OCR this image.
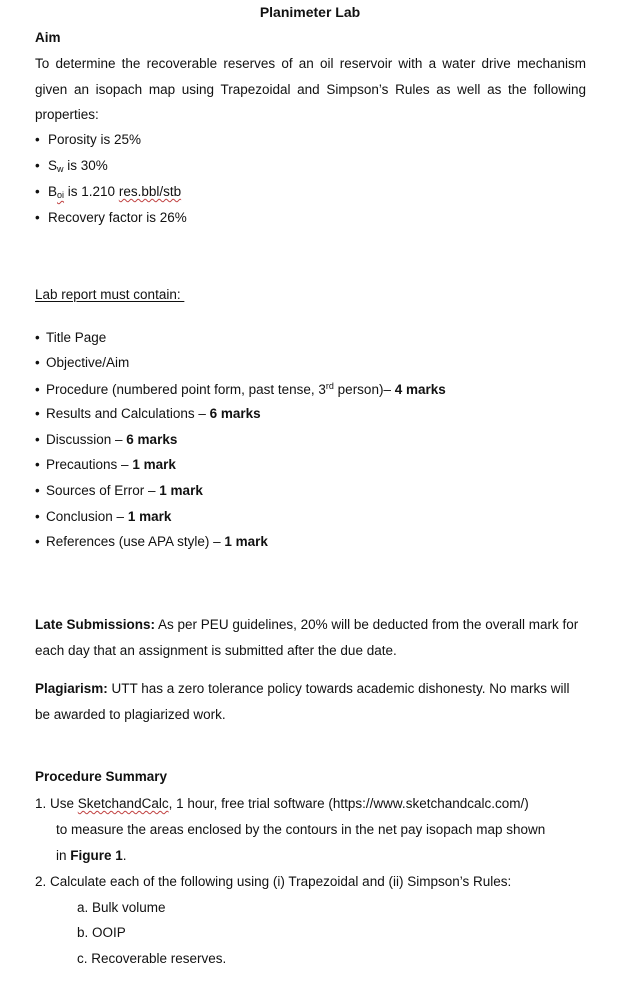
Planimeter Lab
Aim
To determine the recoverable reserves of an oil reservoir with a water drive mechanism given an isopach map using Trapezoidal and Simpson’s Rules as well as the following properties:
• Porosity is 25%
• $S_w$ is 30%
• $B_{oi}$ is 1.210 res.bbl/stb
• Recovery factor is 26%
Lab report must contain:
• Title Page
• Objective/Aim
• Procedure (numbered point form, past tense, 3rd person)– 4 marks
• Results and Calculations – 6 marks
• Discussion – 6 marks
• Precautions – 1 mark
• Sources of Error – 1 mark
• Conclusion – 1 mark
• References (use APA style) – 1 mark
Late Submissions: As per PEU guidelines, 20% will be deducted from the overall mark for each day that an assignment is submitted after the due date.
Plagiarism: UTT has a zero tolerance policy towards academic dishonesty. No marks will be awarded to plagiarized work.
Procedure Summary
1. Use SketchandCalc, 1 hour, free trial software (https://www.sketchandcalc.com/)
to measure the areas enclosed by the contours in the net pay isopach map shown
in Figure 1.
2. Calculate each of the following using (i) Trapezoidal and (ii) Simpson’s Rules:
a. Bulk volume
b. OOIP
c. Recoverable reserves.
